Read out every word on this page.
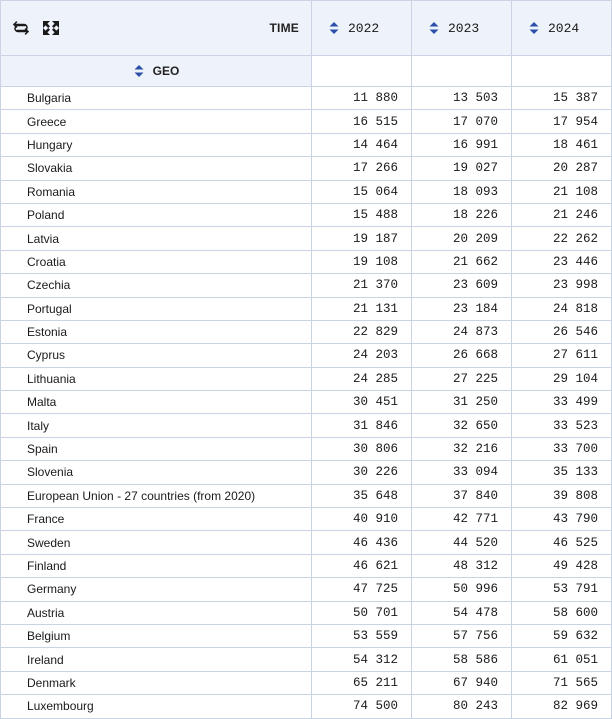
TIME	2022	2023	2024

GEO			

Bulgaria	11 880	13 503	15 387
Greece	16 515	17 070	17 954
Hungary	14 464	16 991	18 461
Slovakia	17 266	19 027	20 287
Romania	15 064	18 093	21 108
Poland	15 488	18 226	21 246
Latvia	19 187	20 209	22 262
Croatia	19 108	21 662	23 446
Czechia	21 370	23 609	23 998
Portugal	21 131	23 184	24 818
Estonia	22 829	24 873	26 546
Cyprus	24 203	26 668	27 611
Lithuania	24 285	27 225	29 104
Malta	30 451	31 250	33 499
Italy	31 846	32 650	33 523
Spain	30 806	32 216	33 700
Slovenia	30 226	33 094	35 133
European Union - 27 countries (from 2020)	35 648	37 840	39 808
France	40 910	42 771	43 790
Sweden	46 436	44 520	46 525
Finland	46 621	48 312	49 428
Germany	47 725	50 996	53 791
Austria	50 701	54 478	58 600
Belgium	53 559	57 756	59 632
Ireland	54 312	58 586	61 051
Denmark	65 211	67 940	71 565
Luxembourg	74 500	80 243	82 969
